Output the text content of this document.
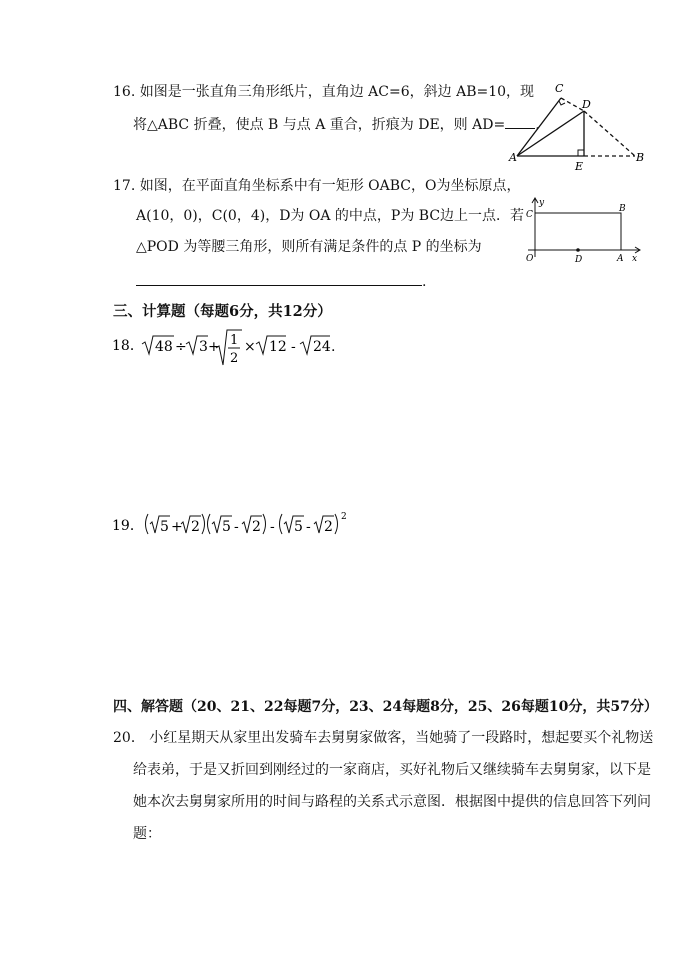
16. 如图是一张直角三角形纸片，直角边 AC=6，斜边 AB=10，现
将△ABC 折叠，使点 B 与点 A 重合，折痕为 DE，则 AD= .
A
C
D
E
B
17. 如图，在平面直角坐标系中有一矩形 OABC，O为坐标原点，
A(10，0)，C(0，4)，D为 OA 的中点，P为 BC边上一点．若
△POD 为等腰三角形，则所有满足条件的点 P 的坐标为
.
y
C
B
O	D	A x
三、计算题（每题6分，共12分）
18． 48 ÷ 3 + 1
2
× 12 - 24 .
19． 5 + 2 5 - 2 - 5 - 2
2
四、解答题（20、21、22每题7分，23、24每题8分，25、26每题10分，共57分）
20． 小红星期天从家里出发骑车去舅舅家做客，当她骑了一段路时，想起要买个礼物送
给表弟，于是又折回到刚经过的一家商店，买好礼物后又继续骑车去舅舅家，以下是
她本次去舅舅家所用的时间与路程的关系式示意图．根据图中提供的信息回答下列问
题：
